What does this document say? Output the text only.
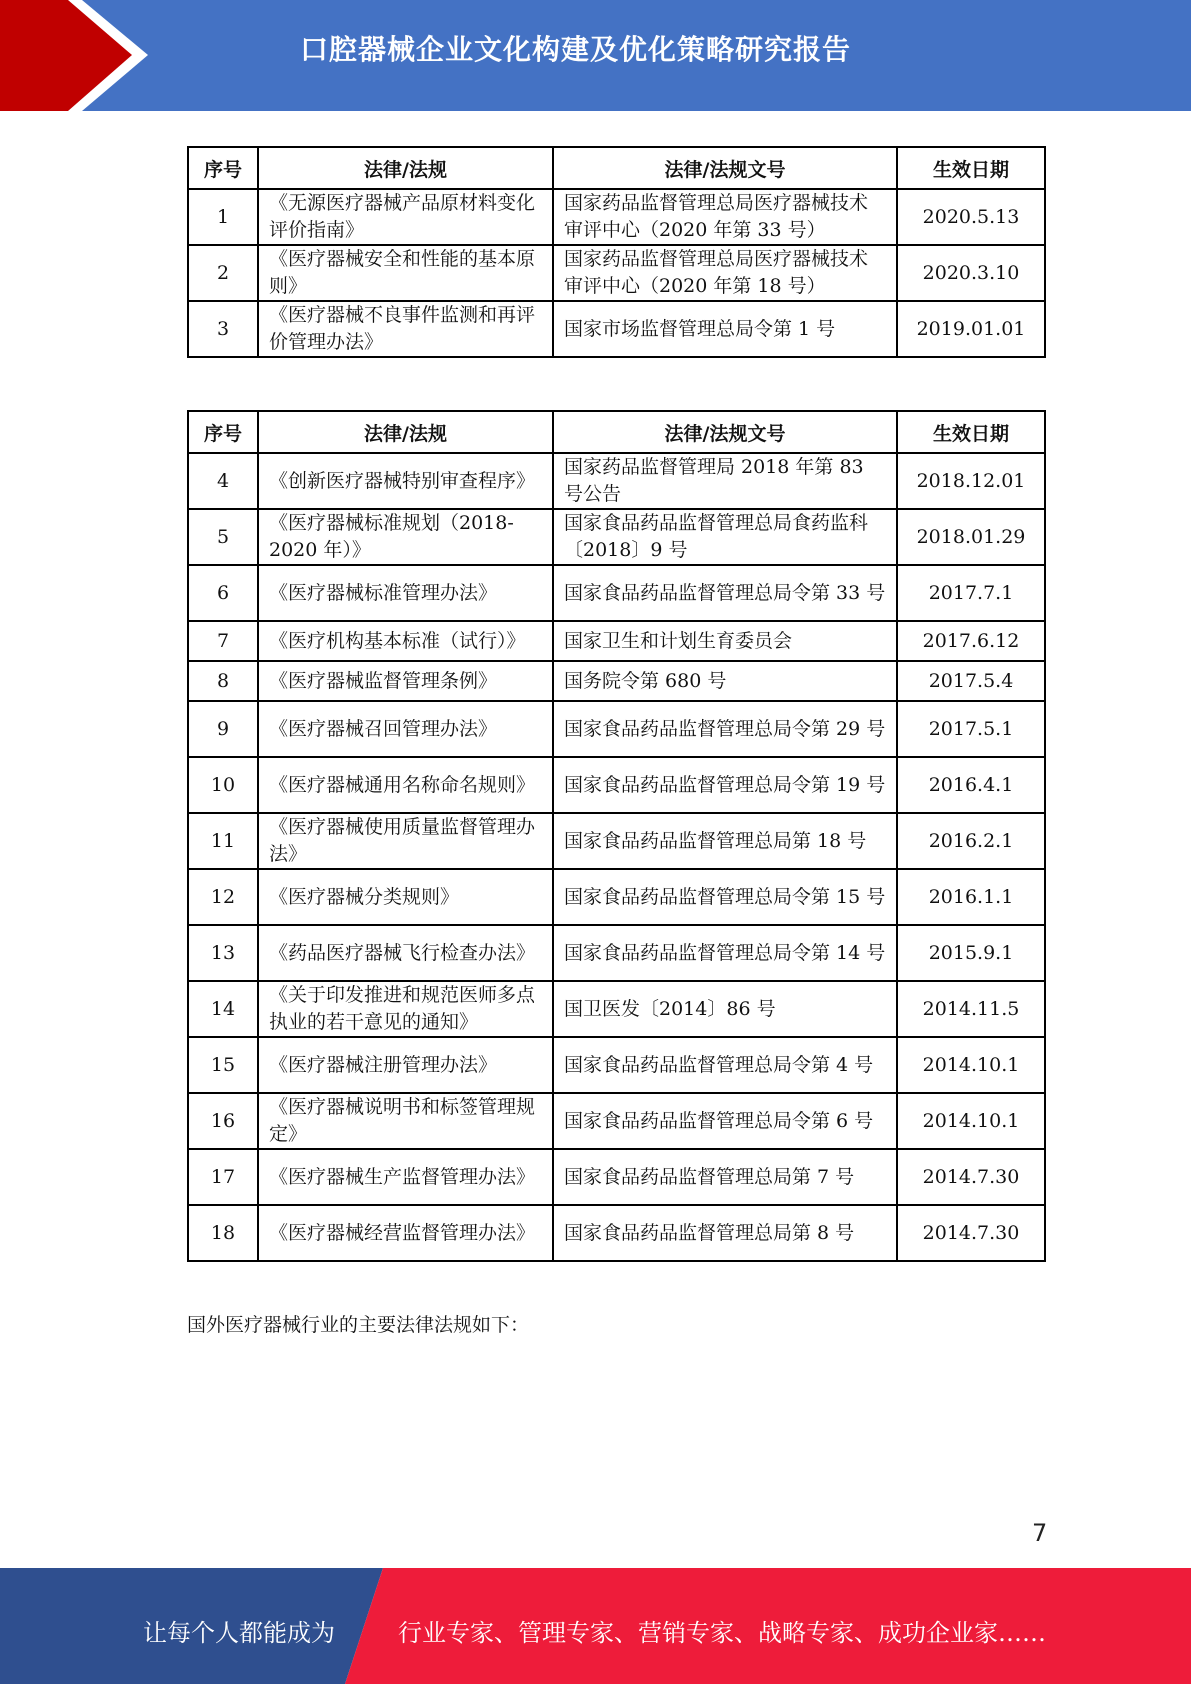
口腔器械企业文化构建及优化策略研究报告
序号	法律/法规	法律/法规文号	生效日期
1	《无源医疗器械产品原材料变化评价指南》	国家药品监督管理总局医疗器械技术审评中心（2020 年第 33 号）	2020.5.13
2	《医疗器械安全和性能的基本原则》	国家药品监督管理总局医疗器械技术审评中心（2020 年第 18 号）	2020.3.10
3	《医疗器械不良事件监测和再评价管理办法》	国家市场监督管理总局令第 1 号	2019.01.01
序号	法律/法规	法律/法规文号	生效日期
4	《创新医疗器械特别审查程序》	国家药品监督管理局 2018 年第 83 号公告	2018.12.01
5	《医疗器械标准规划（2018-2020 年）》	国家食品药品监督管理总局食药监科〔2018〕9 号	2018.01.29
6	《医疗器械标准管理办法》	国家食品药品监督管理总局令第 33 号	2017.7.1
7	《医疗机构基本标准（试行）》	国家卫生和计划生育委员会	2017.6.12
8	《医疗器械监督管理条例》	国务院令第 680 号	2017.5.4
9	《医疗器械召回管理办法》	国家食品药品监督管理总局令第 29 号	2017.5.1
10	《医疗器械通用名称命名规则》	国家食品药品监督管理总局令第 19 号	2016.4.1
11	《医疗器械使用质量监督管理办法》	国家食品药品监督管理总局第 18 号	2016.2.1
12	《医疗器械分类规则》	国家食品药品监督管理总局令第 15 号	2016.1.1
13	《药品医疗器械飞行检查办法》	国家食品药品监督管理总局令第 14 号	2015.9.1
14	《关于印发推进和规范医师多点执业的若干意见的通知》	国卫医发〔2014〕86 号	2014.11.5
15	《医疗器械注册管理办法》	国家食品药品监督管理总局令第 4 号	2014.10.1
16	《医疗器械说明书和标签管理规定》	国家食品药品监督管理总局令第 6 号	2014.10.1
17	《医疗器械生产监督管理办法》	国家食品药品监督管理总局第 7 号	2014.7.30
18	《医疗器械经营监督管理办法》	国家食品药品监督管理总局第 8 号	2014.7.30
国外医疗器械行业的主要法律法规如下：
7
让每个人都能成为	行业专家、管理专家、营销专家、战略专家、成功企业家……
